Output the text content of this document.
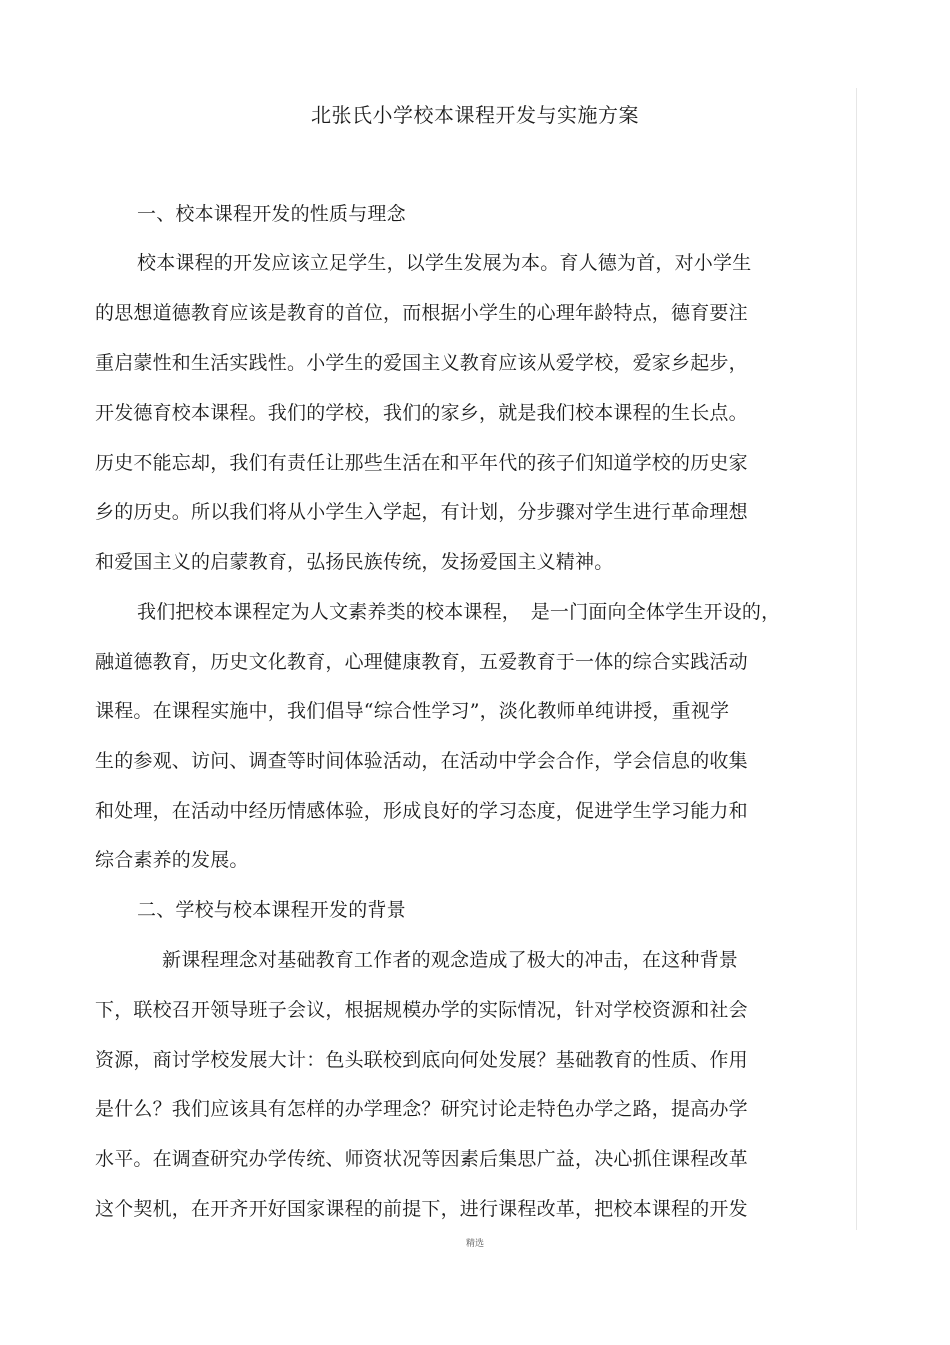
北张氏小学校本课程开发与实施方案
一、校本课程开发的性质与理念
校本课程的开发应该立足学生，以学生发展为本。育人德为首，对小学生
的思想道德教育应该是教育的首位，而根据小学生的心理年龄特点，德育要注
重启蒙性和生活实践性。小学生的爱国主义教育应该从爱学校，爱家乡起步，
开发德育校本课程。我们的学校，我们的家乡，就是我们校本课程的生长点。
历史不能忘却，我们有责任让那些生活在和平年代的孩子们知道学校的历史家
乡的历史。所以我们将从小学生入学起，有计划，分步骤对学生进行革命理想
和爱国主义的启蒙教育，弘扬民族传统，发扬爱国主义精神。
我们把校本课程定为人文素养类的校本课程，　是一门面向全体学生开设的，
融道德教育，历史文化教育，心理健康教育，五爱教育于一体的综合实践活动
课程。在课程实施中，我们倡导“综合性学习”，淡化教师单纯讲授，重视学
生的参观、访问、调查等时间体验活动，在活动中学会合作，学会信息的收集
和处理，在活动中经历情感体验，形成良好的学习态度，促进学生学习能力和
综合素养的发展。
二、学校与校本课程开发的背景
新课程理念对基础教育工作者的观念造成了极大的冲击，在这种背景
下，联校召开领导班子会议，根据规模办学的实际情况，针对学校资源和社会
资源，商讨学校发展大计：色头联校到底向何处发展？基础教育的性质、作用
是什么？我们应该具有怎样的办学理念？研究讨论走特色办学之路，提高办学
水平。在调查研究办学传统、师资状况等因素后集思广益，决心抓住课程改革
这个契机，在开齐开好国家课程的前提下，进行课程改革，把校本课程的开发
精选
